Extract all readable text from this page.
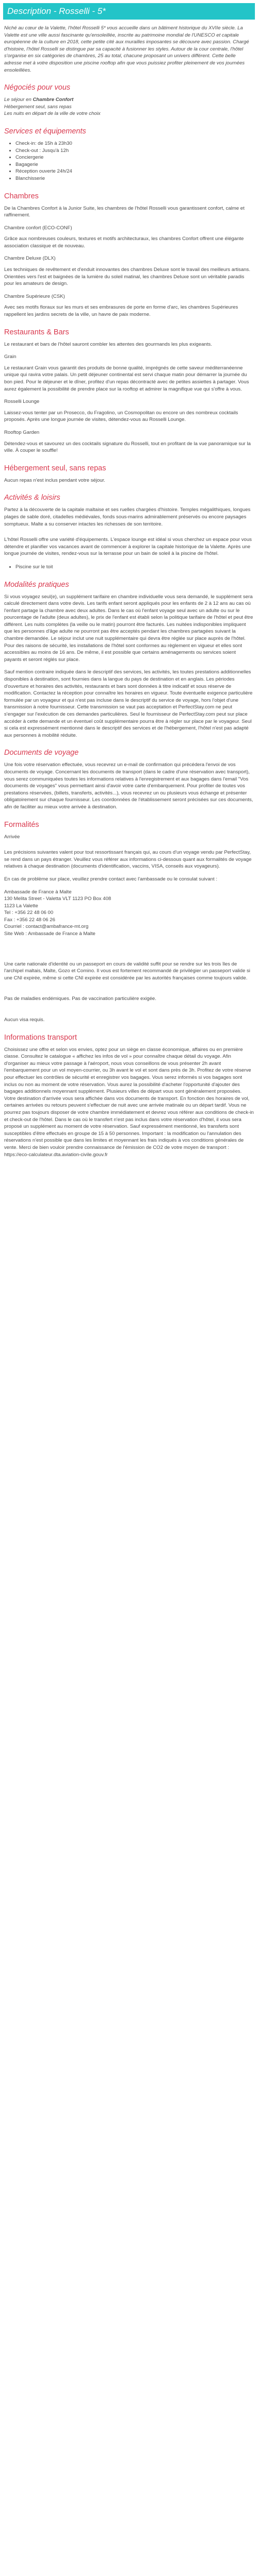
Description - Rosselli - 5*

Niché au cœur de la Valette, l'hôtel Rosselli 5* vous accueille dans un bâtiment historique du XVIIe siècle. La Valette est une ville aussi fascinante qu'ensoleillée, inscrite au patrimoine mondial de l'UNESCO et capitale européenne de la culture en 2018, cette petite cité aux murailles imposantes se découvre avec passion. Chargé d'histoire, l'hôtel Rosselli se distingue par sa capacité à fusionner les styles. Autour de la cour centrale, l'hôtel s'organise en six catégories de chambres, 25 au total, chacune proposant un univers différent. Cette belle adresse met à votre disposition une piscine rooftop afin que vous puissiez profiter pleinement de vos journées ensoleillées.

Négociés pour vous

Le séjour en Chambre Confort
Hébergement seul, sans repas
Les nuits en départ de la ville de votre choix

Services et équipements
• Check-in: de 15h à 23h30
• Check-out : Jusqu'à 12h
• Conciergerie
• Bagagerie
• Réception ouverte 24h/24
• Blanchisserie
Chambres

De la Chambres Confort à la Junior Suite, les chambres de l'hôtel Rosselli vous garantissent confort, calme et raffinement.

Chambre confort (ECO-CONF)

Grâce aux nombreuses couleurs, textures et motifs architecturaux, les chambres Confort offrent une élégante association classique et de nouveau.

Chambre Deluxe (DLX)

Les techniques de revêtement et d'enduit innovantes des chambres Deluxe sont le travail des meilleurs artisans. Orientées vers l'est et baignées de la lumière du soleil matinal, les chambres Deluxe sont un véritable paradis pour les amateurs de design.

Chambre Supérieure (CSK)

Avec ses motifs floraux sur les murs et ses embrasures de porte en forme d'arc, les chambres Supérieures rappellent les jardins secrets de la ville, un havre de paix moderne.

Restaurants & Bars

Le restaurant et bars de l'hôtel sauront combler les attentes des gourmands les plus exigeants.

Grain

Le restaurant Grain vous garantit des produits de bonne qualité, imprégnés de cette saveur méditerranéenne unique qui ravira votre palais. Un petit déjeuner continental est servi chaque matin pour démarrer la journée du bon pied. Pour le déjeuner et le dîner, profitez d'un repas décontracté avec de petites assiettes à partager. Vous aurez également la possibilité de prendre place sur la rooftop et admirer la magnifique vue qui s'offre à vous.

Rosselli Lounge

Laissez-vous tenter par un Prosecco, du Fragolino, un Cosmopolitan ou encore un des nombreux cocktails proposés. Après une longue journée de visites, détendez-vous au Rosselli Lounge.

Rooftop Garden

Détendez-vous et savourez un des cocktails signature du Rosselli, tout en profitant de la vue panoramique sur la ville. À couper le souffle!

Hébergement seul, sans repas

Aucun repas n'est inclus pendant votre séjour.

Activités & loisirs

Partez à la découverte de la capitale maltaise et ses ruelles chargées d'histoire. Temples mégalithiques, longues plages de sable doré, citadelles médiévales, fonds sous-marins admirablement préservés ou encore paysages somptueux. Malte a su conserver intactes les richesses de son territoire.

L'hôtel Rosselli offre une variété d'équipements. L'espace lounge est idéal si vous cherchez un espace pour vous détendre et planifier vos vacances avant de commencer à explorer la capitale historique de la Valette. Après une longue journée de visites, rendez-vous sur la terrasse pour un bain de soleil à la piscine de l'hôtel.

• Piscine sur le toit
Modalités pratiques

Si vous voyagez seul(e), un supplément tarifaire en chambre individuelle vous sera demandé, le supplément sera calculé directement dans votre devis. Les tarifs enfant seront appliqués pour les enfants de 2 à 12 ans au cas où l'enfant partage la chambre avec deux adultes. Dans le cas où l'enfant voyage seul avec un adulte ou sur le pourcentage de l'adulte (deux adultes), le prix de l'enfant est établi selon la politique tarifaire de l'hôtel et peut être différent. Les nuits complètes (la veille ou le matin) pourront être facturés. Les nuitées indisponibles impliquent que les personnes d'âge adulte ne pourront pas être acceptés pendant les chambres partagées suivant la chambre demandée. Le séjour inclut une nuit supplémentaire qui devra être réglée sur place auprès de l'hôtel. Pour des raisons de sécurité, les installations de l'hôtel sont conformes au règlement en vigueur et elles sont accessibles au moins de 16 ans. De même, il est possible que certains aménagements ou services soient payants et seront réglés sur place.

Sauf mention contraire indiquée dans le descriptif des services, les activités, les toutes prestations additionnelles disponibles à destination, sont fournies dans la langue du pays de destination et en anglais. Les périodes d'ouverture et horaires des activités, restaurants et bars sont données à titre indicatif et sous réserve de modification. Contactez la réception pour connaître les horaires en vigueur. Toute éventuelle exigence particulière formulée par un voyageur et qui n'est pas incluse dans le descriptif du service de voyage, hors l'objet d'une transmission à notre fournisseur. Cette transmission se vaut pas acceptation et PerfectStay.com ne peut s'engager sur l'exécution de ces demandes particulières. Seul le fournisseur de PerfectStay.com peut sur place accéder à cette demande et un éventuel coût supplémentaire pourra être à régler sur place par le voyageur. Seul si cela est expressément mentionné dans le descriptif des services et de l'hébergement, l'hôtel n'est pas adapté aux personnes à mobilité réduite.

Documents de voyage

Une fois votre réservation effectuée, vous recevrez un e-mail de confirmation qui précédera l'envoi de vos documents de voyage. Concernant les documents de transport (dans le cadre d'une réservation avec transport), vous serez communiquées toutes les informations relatives à l'enregistrement et aux bagages dans l'email "Vos documents de voyages" vous permettant ainsi d'avoir votre carte d'embarquement. Pour profiter de toutes vos prestations réservées, (billets, transferts, activités...), vous recevrez un ou plusieurs vous échange et présenter obligatoirement sur chaque fournisseur. Les coordonnées de l'établissement seront précisées sur ces documents, afin de faciliter au mieux votre arrivée à destination.

Formalités

Arrivée

Les précisions suivantes valent pour tout ressortissant français qui, au cours d'un voyage vendu par PerfectStay, se rend dans un pays étranger. Veuillez vous référer aux informations ci-dessous quant aux formalités de voyage relatives à chaque destination (documents d'identification, vaccins, VISA, conseils aux voyageurs).

En cas de problème sur place, veuillez prendre contact avec l'ambassade ou le consulat suivant :

Ambassade de France à Malte
130 Melita Street - Valetta VLT 1123 PO Box 408
1123 La Valette
Tel : +356 22 48 06 00
Fax : +356 22 48 06 26
Courriel : contact@ambafrance-mt.org
Site Web : Ambassade de France à Malte

Une carte nationale d'identité ou un passeport en cours de validité suffit pour se rendre sur les trois îles de l'archipel maltais, Malte, Gozo et Comino. Il vous est fortement recommandé de privilégier un passeport valide si une CNI expirée, même si cette CNI expirée est considérée par les autorités françaises comme toujours valide.

Pas de maladies endémiques. Pas de vaccination particulière exigée.

Aucun visa requis.

Informations transport

Choisissez une offre et selon vos envies, optez pour un siège en classe économique, affaires ou en première classe. Consultez le catalogue « affichez les infos de vol » pour connaître chaque détail du voyage. Afin d'organiser au mieux votre passage à l'aéroport, nous vous conseillons de vous présenter 2h avant l'embarquement pour un vol moyen-courrier, ou 3h avant le vol et sont dans près de 3h. Profitez de votre réserve pour effectuer les contrôles de sécurité et enregistrer vos bagages. Vous serez informés si vos bagages sont inclus ou non au moment de votre réservation. Vous aurez la possibilité d'acheter l'opportunité d'ajouter des bagages additionnels moyennant supplément. Plusieurs villes de départ vous sont généralement proposées. Votre destination d'arrivée vous sera affichée dans vos documents de transport. En fonction des horaires de vol, certaines arrivées ou retours peuvent s'effectuer de nuit avec une arrivée matinale ou un départ tardif. Vous ne pourrez pas toujours disposer de votre chambre immédiatement et devrez vous référer aux conditions de check-in et check-out de l'hôtel. Dans le cas où le transfert n'est pas inclus dans votre réservation d'hôtel, il vous sera proposé un supplément au moment de votre réservation. Sauf expressément mentionné, les transferts sont susceptibles d'être effectués en groupe de 15 à 50 personnes. Important : la modification ou l'annulation des réservations n'est possible que dans les limites et moyennant les frais indiqués à vos conditions générales de vente. Merci de bien vouloir prendre connaissance de l'émission de CO2 de votre moyen de transport : https://eco-calculateur.dta.aviation-civile.gouv.fr
